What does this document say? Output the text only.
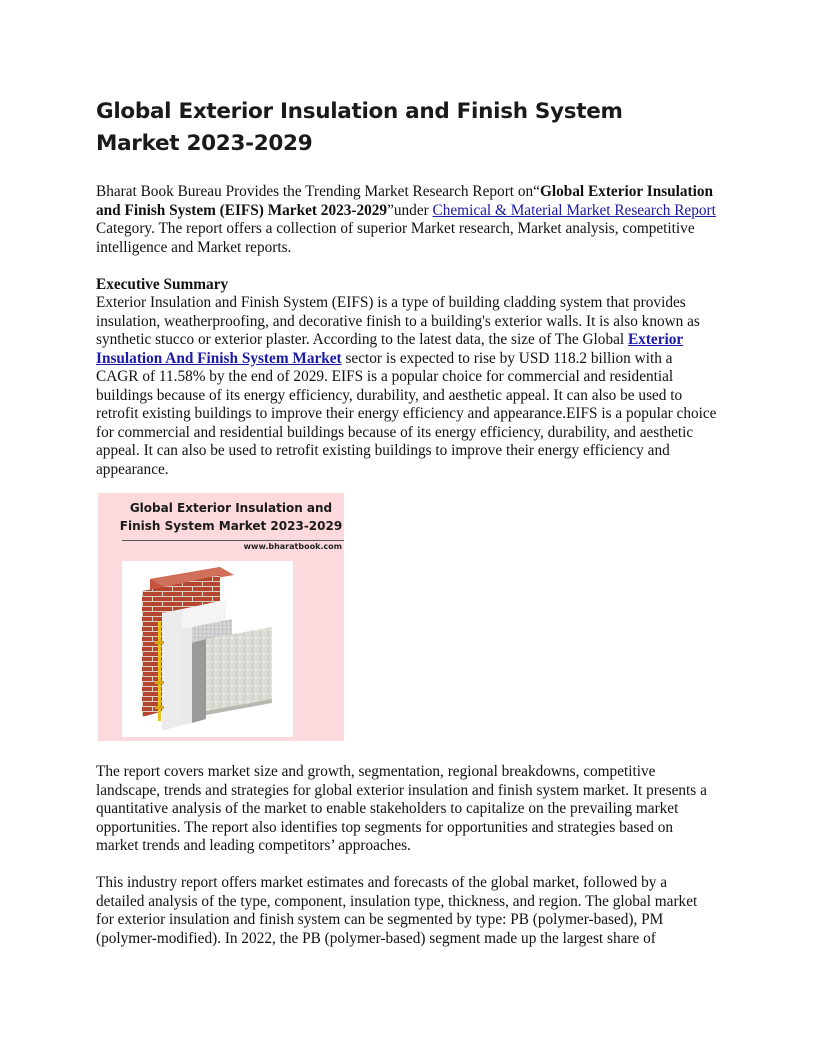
Global Exterior Insulation and Finish System Market 2023-2029

Bharat Book Bureau Provides the Trending Market Research Report on“Global Exterior Insulation and Finish System (EIFS) Market 2023-2029”under Chemical & Material Market Research Report Category. The report offers a collection of superior Market research, Market analysis, competitive intelligence and Market reports.

Executive Summary

Exterior Insulation and Finish System (EIFS) is a type of building cladding system that provides insulation, weatherproofing, and decorative finish to a building's exterior walls. It is also known as synthetic stucco or exterior plaster. According to the latest data, the size of The Global Exterior Insulation And Finish System Market sector is expected to rise by USD 118.2 billion with a CAGR of 11.58% by the end of 2029. EIFS is a popular choice for commercial and residential buildings because of its energy efficiency, durability, and aesthetic appeal. It can also be used to retrofit existing buildings to improve their energy efficiency and appearance.EIFS is a popular choice for commercial and residential buildings because of its energy efficiency, durability, and aesthetic appeal. It can also be used to retrofit existing buildings to improve their energy efficiency and appearance.

Global Exterior Insulation and
Finish System Market 2023-2029
www.bharatbook.com

The report covers market size and growth, segmentation, regional breakdowns, competitive landscape, trends and strategies for global exterior insulation and finish system market. It presents a quantitative analysis of the market to enable stakeholders to capitalize on the prevailing market opportunities. The report also identifies top segments for opportunities and strategies based on market trends and leading competitors’ approaches.

This industry report offers market estimates and forecasts of the global market, followed by a detailed analysis of the type, component, insulation type, thickness, and region. The global market for exterior insulation and finish system can be segmented by type: PB (polymer-based), PM (polymer-modified). In 2022, the PB (polymer-based) segment made up the largest share of
